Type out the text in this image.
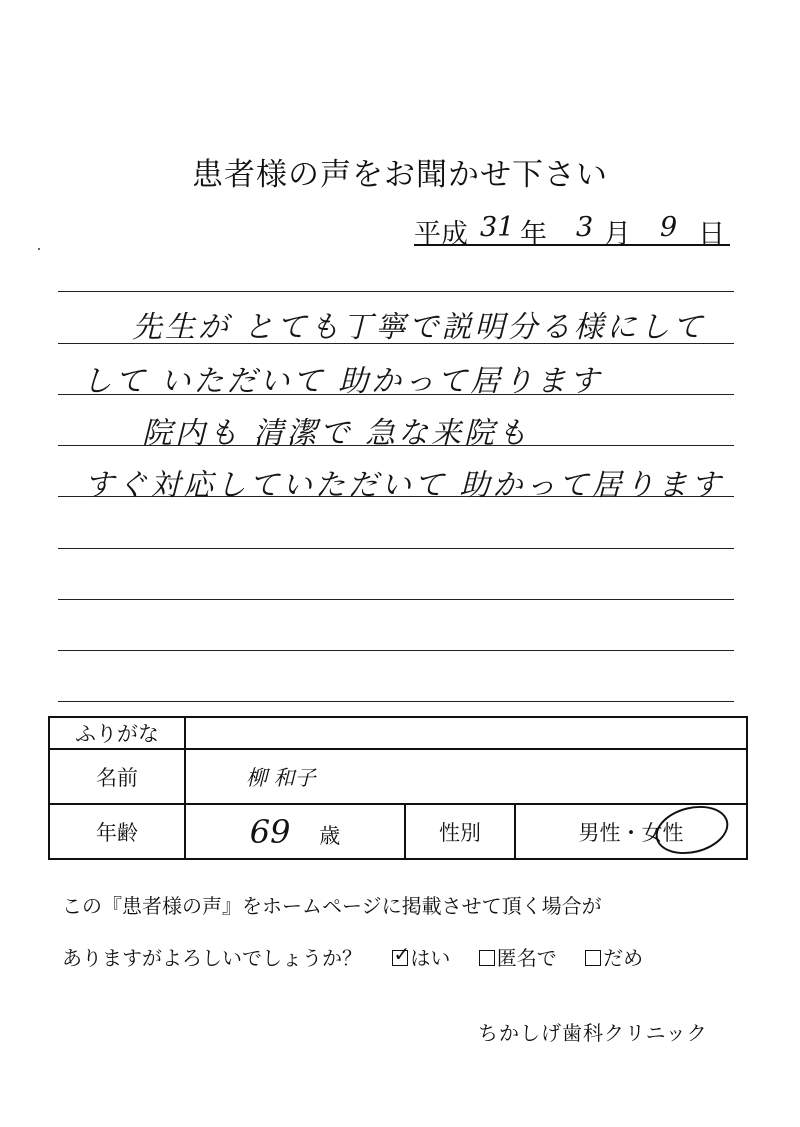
患者様の声をお聞かせ下さい
平成 31 年 3 月 9 日
先生が とても丁寧で説明分る様にして
して いただいて 助かって居ります
院内も 清潔で 急な来院も
すぐ対応していただいて 助かって居ります
ふりがな			
名前	柳 和子		
年齢	69 歳	性別	男性・女性
この『患者様の声』をホームページに掲載させて頂く場合が
ありますがよろしいでしょうか？ ✓ はい 匿名で だめ
ちかしげ歯科クリニック
